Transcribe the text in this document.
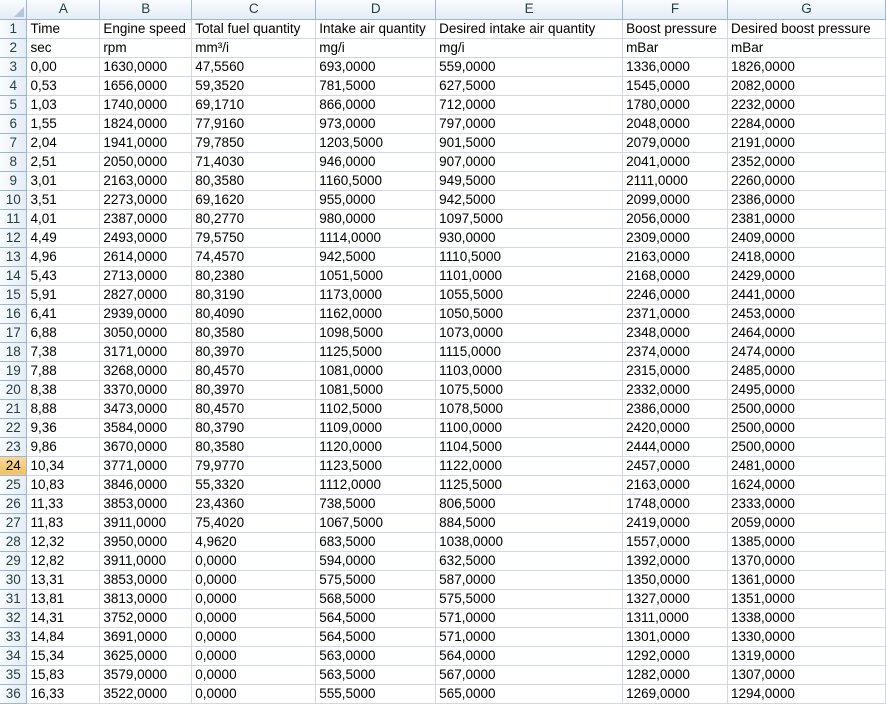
	A	B	C	D	E	F	G
1	Time	Engine speed	Total fuel quantity	Intake air quantity	Desired intake air quantity	Boost pressure	Desired boost pressure
2	sec	rpm	mm³/i	mg/i	mg/i	mBar	mBar
3	0,00	1630,0000	47,5560	693,0000	559,0000	1336,0000	1826,0000
4	0,53	1656,0000	59,3520	781,5000	627,5000	1545,0000	2082,0000
5	1,03	1740,0000	69,1710	866,0000	712,0000	1780,0000	2232,0000
6	1,55	1824,0000	77,9160	973,0000	797,0000	2048,0000	2284,0000
7	2,04	1941,0000	79,7850	1203,5000	901,5000	2079,0000	2191,0000
8	2,51	2050,0000	71,4030	946,0000	907,0000	2041,0000	2352,0000
9	3,01	2163,0000	80,3580	1160,5000	949,5000	2111,0000	2260,0000
10	3,51	2273,0000	69,1620	955,0000	942,5000	2099,0000	2386,0000
11	4,01	2387,0000	80,2770	980,0000	1097,5000	2056,0000	2381,0000
12	4,49	2493,0000	79,5750	1114,0000	930,0000	2309,0000	2409,0000
13	4,96	2614,0000	74,4570	942,5000	1110,5000	2163,0000	2418,0000
14	5,43	2713,0000	80,2380	1051,5000	1101,0000	2168,0000	2429,0000
15	5,91	2827,0000	80,3190	1173,0000	1055,5000	2246,0000	2441,0000
16	6,41	2939,0000	80,4090	1162,0000	1050,5000	2371,0000	2453,0000
17	6,88	3050,0000	80,3580	1098,5000	1073,0000	2348,0000	2464,0000
18	7,38	3171,0000	80,3970	1125,5000	1115,0000	2374,0000	2474,0000
19	7,88	3268,0000	80,4570	1081,0000	1103,0000	2315,0000	2485,0000
20	8,38	3370,0000	80,3970	1081,5000	1075,5000	2332,0000	2495,0000
21	8,88	3473,0000	80,4570	1102,5000	1078,5000	2386,0000	2500,0000
22	9,36	3584,0000	80,3790	1109,0000	1100,0000	2420,0000	2500,0000
23	9,86	3670,0000	80,3580	1120,0000	1104,5000	2444,0000	2500,0000
24	10,34	3771,0000	79,9770	1123,5000	1122,0000	2457,0000	2481,0000
25	10,83	3846,0000	55,3320	1112,0000	1125,5000	2163,0000	1624,0000
26	11,33	3853,0000	23,4360	738,5000	806,5000	1748,0000	2333,0000
27	11,83	3911,0000	75,4020	1067,5000	884,5000	2419,0000	2059,0000
28	12,32	3950,0000	4,9620	683,5000	1038,0000	1557,0000	1385,0000
29	12,82	3911,0000	0,0000	594,0000	632,5000	1392,0000	1370,0000
30	13,31	3853,0000	0,0000	575,5000	587,0000	1350,0000	1361,0000
31	13,81	3813,0000	0,0000	568,5000	575,5000	1327,0000	1351,0000
32	14,31	3752,0000	0,0000	564,5000	571,0000	1311,0000	1338,0000
33	14,84	3691,0000	0,0000	564,5000	571,0000	1301,0000	1330,0000
34	15,34	3625,0000	0,0000	563,0000	564,0000	1292,0000	1319,0000
35	15,83	3579,0000	0,0000	563,5000	567,0000	1282,0000	1307,0000
36	16,33	3522,0000	0,0000	555,5000	565,0000	1269,0000	1294,0000
